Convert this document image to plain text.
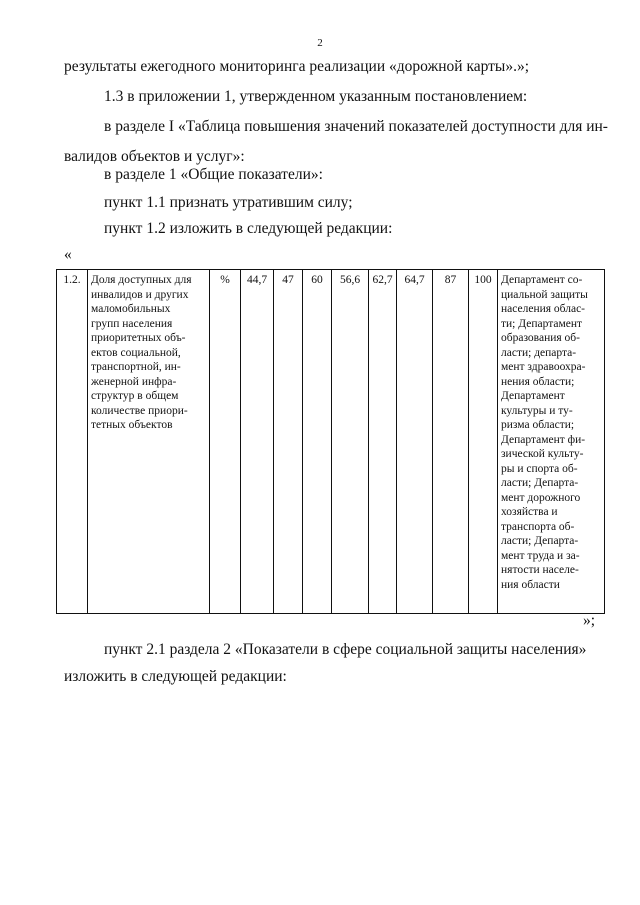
2
результаты ежегодного мониторинга реализации «дорожной карты».»;
1.3 в приложении 1, утвержденном указанным постановлением:
в разделе I «Таблица повышения значений показателей доступности для ин-
валидов объектов и услуг»:
в разделе 1 «Общие показатели»:
пункт 1.1 признать утратившим силу;
пункт 1.2 изложить в следующей редакции:
«
1.2.	Доля доступных для
инвалидов и других
маломобильных
групп населения
приоритетных объ-
ектов социальной,
транспортной, ин-
женерной инфра-
структур в общем
количестве приори-
тетных объектов
	%	44,7	47	60	56,6	62,7	64,7	87	100	Департамент со-
циальной защиты
населения облас-
ти; Департамент
образования об-
ласти; департа-
мент здравоохра-
нения области;
Департамент
культуры и ту-
ризма области;
Департамент фи-
зической культу-
ры и спорта об-
ласти; Департа-
мент дорожного
хозяйства и
транспорта об-
ласти; Департа-
мент труда и за-
нятости населе-
ния области
»;
пункт 2.1 раздела 2 «Показатели в сфере социальной защиты населения»
изложить в следующей редакции:
